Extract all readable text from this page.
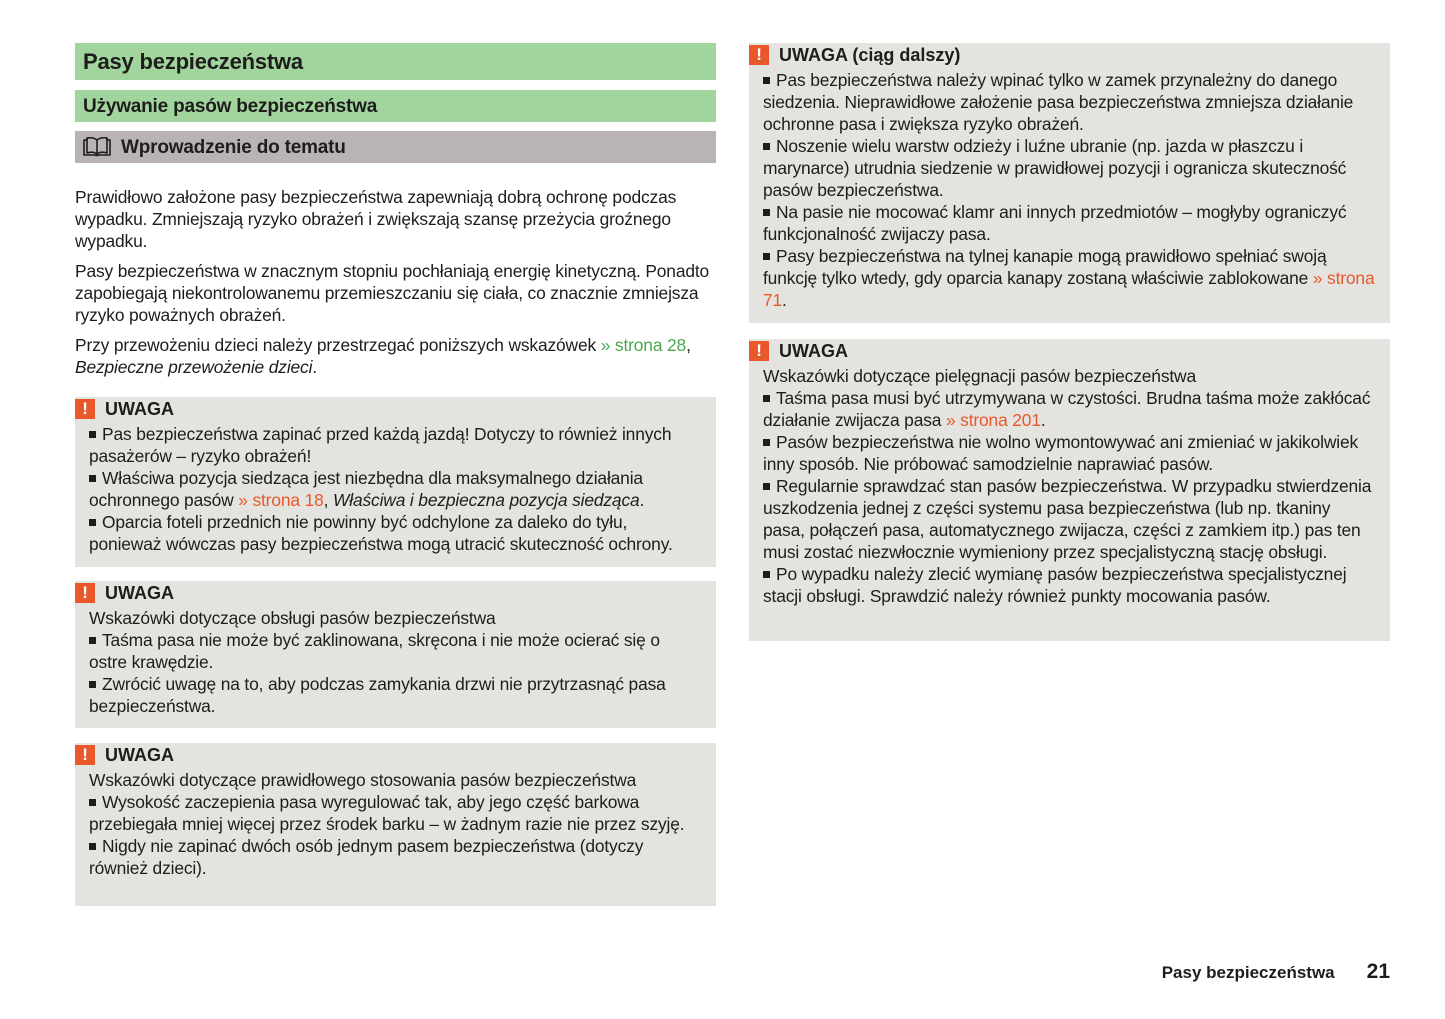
Pasy bezpieczeństwa
Używanie pasów bezpieczeństwa
Wprowadzenie do tematu

Prawidłowo założone pasy bezpieczeństwa zapewniają dobrą ochronę podczas wypadku. Zmniejszają ryzyko obrażeń i zwiększają szansę przeżycia groźnego wypadku.

Pasy bezpieczeństwa w znacznym stopniu pochłaniają energię kinetyczną. Ponadto zapobiegają niekontrolowanemu przemieszczaniu się ciała, co znacznie zmniejsza ryzyko poważnych obrażeń.

Przy przewożeniu dzieci należy przestrzegać poniższych wskazówek » strona 28, Bezpieczne przewożenie dzieci.

! UWAGA

Pas bezpieczeństwa zapinać przed każdą jazdą! Dotyczy to również innych pasażerów – ryzyko obrażeń!

Właściwa pozycja siedząca jest niezbędna dla maksymalnego działania ochronnego pasów » strona 18, Właściwa i bezpieczna pozycja siedząca.

Oparcia foteli przednich nie powinny być odchylone za daleko do tyłu, ponieważ wówczas pasy bezpieczeństwa mogą utracić skuteczność ochrony.

! UWAGA

Wskazówki dotyczące obsługi pasów bezpieczeństwa

Taśma pasa nie może być zaklinowana, skręcona i nie może ocierać się o ostre krawędzie.

Zwrócić uwagę na to, aby podczas zamykania drzwi nie przytrzasnąć pasa bezpieczeństwa.

! UWAGA

Wskazówki dotyczące prawidłowego stosowania pasów bezpieczeństwa

Wysokość zaczepienia pasa wyregulować tak, aby jego część barkowa przebiegała mniej więcej przez środek barku – w żadnym razie nie przez szyję.

Nigdy nie zapinać dwóch osób jednym pasem bezpieczeństwa (dotyczy również dzieci).

! UWAGA (ciąg dalszy)

Pas bezpieczeństwa należy wpinać tylko w zamek przynależny do danego siedzenia. Nieprawidłowe założenie pasa bezpieczeństwa zmniejsza działanie ochronne pasa i zwiększa ryzyko obrażeń.

Noszenie wielu warstw odzieży i luźne ubranie (np. jazda w płaszczu i marynarce) utrudnia siedzenie w prawidłowej pozycji i ogranicza skuteczność pasów bezpieczeństwa.

Na pasie nie mocować klamr ani innych przedmiotów – mogłyby ograniczyć funkcjonalność zwijaczy pasa.

Pasy bezpieczeństwa na tylnej kanapie mogą prawidłowo spełniać swoją funkcję tylko wtedy, gdy oparcia kanapy zostaną właściwie zablokowane » strona 71.

! UWAGA

Wskazówki dotyczące pielęgnacji pasów bezpieczeństwa

Taśma pasa musi być utrzymywana w czystości. Brudna taśma może zakłócać działanie zwijacza pasa » strona 201.

Pasów bezpieczeństwa nie wolno wymontowywać ani zmieniać w jakikolwiek inny sposób. Nie próbować samodzielnie naprawiać pasów.

Regularnie sprawdzać stan pasów bezpieczeństwa. W przypadku stwierdzenia uszkodzenia jednej z części systemu pasa bezpieczeństwa (lub np. tkaniny pasa, połączeń pasa, automatycznego zwijacza, części z zamkiem itp.) pas ten musi zostać niezwłocznie wymieniony przez specjalistyczną stację obsługi.

Po wypadku należy zlecić wymianę pasów bezpieczeństwa specjalistycznej stacji obsługi. Sprawdzić należy również punkty mocowania pasów.

Pasy bezpieczeństwa 21
